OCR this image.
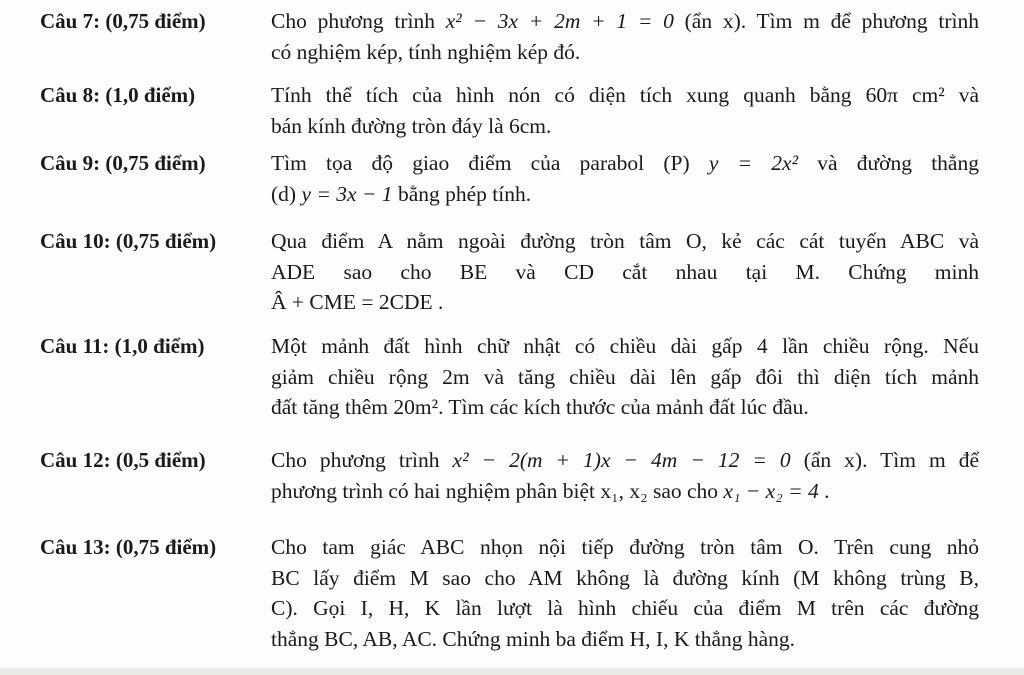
Câu 7: (0,75 điểm)	Cho phương trình x² − 3x + 2m + 1 = 0 (ẩn x). Tìm m để phương trình
có nghiệm kép, tính nghiệm kép đó.
Câu 8: (1,0 điểm)	Tính thể tích của hình nón có diện tích xung quanh bằng 60π cm² và
bán kính đường tròn đáy là 6cm.
Câu 9: (0,75 điểm)	Tìm tọa độ giao điểm của parabol (P) y = 2x² và đường thẳng
(d) y = 3x − 1 bằng phép tính.
Câu 10: (0,75 điểm)	Qua điểm A nằm ngoài đường tròn tâm O, kẻ các cát tuyến ABC và
ADE sao cho BE và CD cắt nhau tại M. Chứng minh
Â + CME = 2CDE .
Câu 11: (1,0 điểm)	Một mảnh đất hình chữ nhật có chiều dài gấp 4 lần chiều rộng. Nếu
giảm chiều rộng 2m và tăng chiều dài lên gấp đôi thì diện tích mảnh
đất tăng thêm 20m². Tìm các kích thước của mảnh đất lúc đầu.
Câu 12: (0,5 điểm)	Cho phương trình x² − 2(m + 1)x − 4m − 12 = 0 (ẩn x). Tìm m để
phương trình có hai nghiệm phân biệt x₁, x₂ sao cho x₁ − x₂ = 4 .
Câu 13: (0,75 điểm)	Cho tam giác ABC nhọn nội tiếp đường tròn tâm O. Trên cung nhỏ
BC lấy điểm M sao cho AM không là đường kính (M không trùng B,
C). Gọi I, H, K lần lượt là hình chiếu của điểm M trên các đường
thẳng BC, AB, AC. Chứng minh ba điểm H, I, K thẳng hàng.
